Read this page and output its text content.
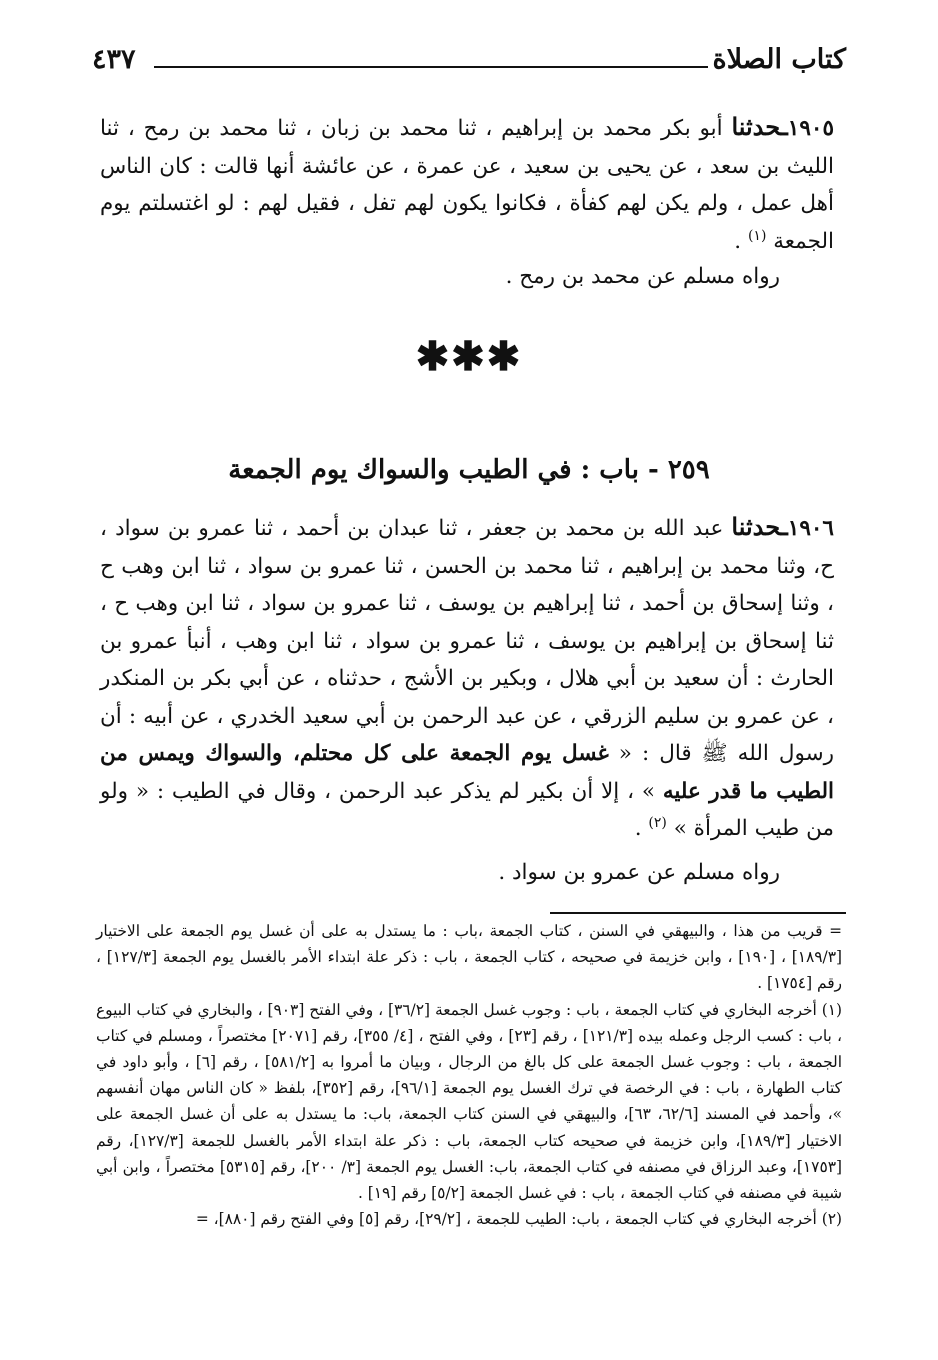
كتاب الصلاة
٤٣٧
١٩٠٥ـحدثنا أبو بكر محمد بن إبراهيم ، ثنا محمد بن زبان ، ثنا محمد بن رمح ، ثنا الليث بن سعد ، عن يحيى بن سعيد ، عن عمرة ، عن عائشة أنها قالت : كان الناس أهل عمل ، ولم يكن لهم كفأة ، فكانوا يكون لهم تفل ، فقيل لهم : لو اغتسلتم يوم الجمعة $^{(١)}$ .
رواه مسلم عن محمد بن رمح .
✱✱✱
٢٥٩ - باب : في الطيب والسواك يوم الجمعة
١٩٠٦ـحدثنا عبد الله بن محمد بن جعفر ، ثنا عبدان بن أحمد ، ثنا عمرو بن سواد ، ح، وثنا محمد بن إبراهيم ، ثنا محمد بن الحسن ، ثنا عمرو بن سواد ، ثنا ابن وهب ح ، وثنا إسحاق بن أحمد ، ثنا إبراهيم بن يوسف ، ثنا عمرو بن سواد ، ثنا ابن وهب ح ، ثنا إسحاق بن إبراهيم بن يوسف ، ثنا عمرو بن سواد ، ثنا ابن وهب ، أنبأ عمرو بن الحارث : أن سعيد بن أبي هلال ، وبكير بن الأشج ، حدثناه ، عن أبي بكر بن المنكدر ، عن عمرو بن سليم الزرقي ، عن عبد الرحمن بن أبي سعيد الخدري ، عن أبيه : أن رسول الله ﷺ قال : « غسل يوم الجمعة على كل محتلم، والسواك ويمس من الطيب ما قدر عليه » ، إلا أن بكير لم يذكر عبد الرحمن ، وقال في الطيب : « ولو من طيب المرأة » $^{(٢)}$ .
رواه مسلم عن عمرو بن سواد .

= قريب من هذا ، والبيهقي في السنن ، كتاب الجمعة ،باب : ما يستدل به على أن غسل يوم الجمعة على الاختيار [١٨٩/٣] ، [١٩٠] ، وابن خزيمة في صحيحه ، كتاب الجمعة ، باب : ذكر علة ابتداء الأمر بالغسل يوم الجمعة [١٢٧/٣] ، رقم [١٧٥٤] .

(١) أخرجه البخاري في كتاب الجمعة ، باب : وجوب غسل الجمعة [٣٦/٢] ، وفي الفتح [٩٠٣] ، والبخاري في كتاب البيوع ، باب : كسب الرجل وعمله بيده [١٢١/٣] ، رقم [٢٣] ، وفي الفتح ، [٤/ ٣٥٥]، رقم [٢٠٧١] مختصراً ، ومسلم في كتاب الجمعة ، باب : وجوب غسل الجمعة على كل بالغ من الرجال ، وبيان ما أمروا به [٥٨١/٢] ، رقم [٦] ، وأبو داود في كتاب الطهارة ، باب : في الرخصة في ترك الغسل يوم الجمعة [٩٦/١]، رقم [٣٥٢]، بلفظ « كان الناس مهان أنفسهم »، وأحمد في المسند [٦٢/٦، ٦٣]، والبيهقي في السنن كتاب الجمعة، باب: ما يستدل به على أن غسل الجمعة على الاختيار [١٨٩/٣]، وابن خزيمة في صحيحه كتاب الجمعة، باب : ذكر علة ابتداء الأمر بالغسل للجمعة [١٢٧/٣]، رقم [١٧٥٣]، وعبد الرزاق في مصنفه في كتاب الجمعة، باب: الغسل يوم الجمعة [٣/ ٢٠٠]، رقم [٥٣١٥] مختصراً ، وابن أبي شيبة في مصنفه في كتاب الجمعة ، باب : في غسل الجمعة [٥/٢] رقم [١٩] .

(٢) أخرجه البخاري في كتاب الجمعة ، باب: الطيب للجمعة ، [٢٩/٢]، رقم [٥] وفي الفتح رقم [٨٨٠]، =
